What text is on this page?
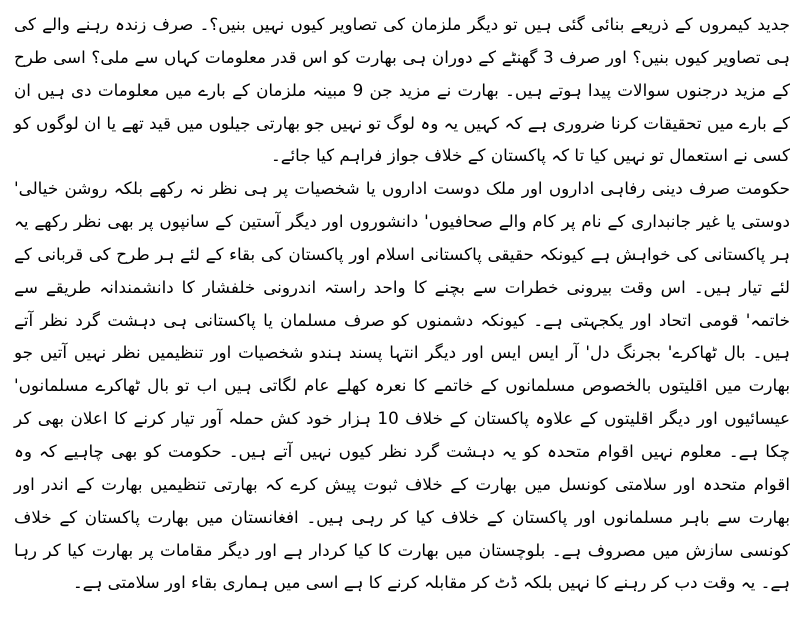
جدید کیمروں کے ذریعے بنائی گئی ہیں تو دیگر ملزمان کی تصاویر کیوں نہیں بنیں؟۔ صرف زندہ رہنے والے کی ہی تصاویر کیوں بنیں؟ اور صرف 3 گھنٹے کے دوران ہی بھارت کو اس قدر معلومات کہاں سے ملی؟ اسی طرح کے مزید درجنوں سوالات پیدا ہوتے ہیں۔ بھارت نے مزید جن 9 مبینہ ملزمان کے بارے میں معلومات دی ہیں ان کے بارے میں تحقیقات کرنا ضروری ہے کہ کہیں یہ وہ لوگ تو نہیں جو بھارتی جیلوں میں قید تھے یا ان لوگوں کو کسی نے استعمال تو نہیں کیا تا کہ پاکستان کے خلاف جواز فراہم کیا جائے۔

حکومت صرف دینی رفاہی اداروں اور ملک دوست اداروں یا شخصیات پر ہی نظر نہ رکھے بلکہ روشن خیالی' دوستی یا غیر جانبداری کے نام پر کام والے صحافیوں' دانشوروں اور دیگر آستین کے سانپوں پر بھی نظر رکھے یہ ہر پاکستانی کی خواہش ہے کیونکہ حقیقی پاکستانی اسلام اور پاکستان کی بقاء کے لئے ہر طرح کی قربانی کے لئے تیار ہیں۔ اس وقت بیرونی خطرات سے بچنے کا واحد راستہ اندرونی خلفشار کا دانشمندانہ طریقے سے خاتمہ' قومی اتحاد اور یکجہتی ہے۔ کیونکہ دشمنوں کو صرف مسلمان یا پاکستانی ہی دہشت گرد نظر آتے ہیں۔ بال ٹھاکرے' بجرنگ دل' آر ایس ایس اور دیگر انتہا پسند ہندو شخصیات اور تنظیمیں نظر نہیں آتیں جو بھارت میں اقلیتوں بالخصوص مسلمانوں کے خاتمے کا نعرہ کھلے عام لگاتی ہیں اب تو بال ٹھاکرے مسلمانوں' عیسائیوں اور دیگر اقلیتوں کے علاوہ پاکستان کے خلاف 10 ہزار خود کش حملہ آور تیار کرنے کا اعلان بھی کر چکا ہے۔ معلوم نہیں اقوام متحدہ کو یہ دہشت گرد نظر کیوں نہیں آتے ہیں۔ حکومت کو بھی چاہیے کہ وہ اقوام متحدہ اور سلامتی کونسل میں بھارت کے خلاف ثبوت پیش کرے کہ بھارتی تنظیمیں بھارت کے اندر اور بھارت سے باہر مسلمانوں اور پاکستان کے خلاف کیا کر رہی ہیں۔ افغانستان میں بھارت پاکستان کے خلاف کونسی سازش میں مصروف ہے۔ بلوچستان میں بھارت کا کیا کردار ہے اور دیگر مقامات پر بھارت کیا کر رہا ہے۔ یہ وقت دب کر رہنے کا نہیں بلکہ ڈٹ کر مقابلہ کرنے کا ہے اسی میں ہماری بقاء اور سلامتی ہے۔
